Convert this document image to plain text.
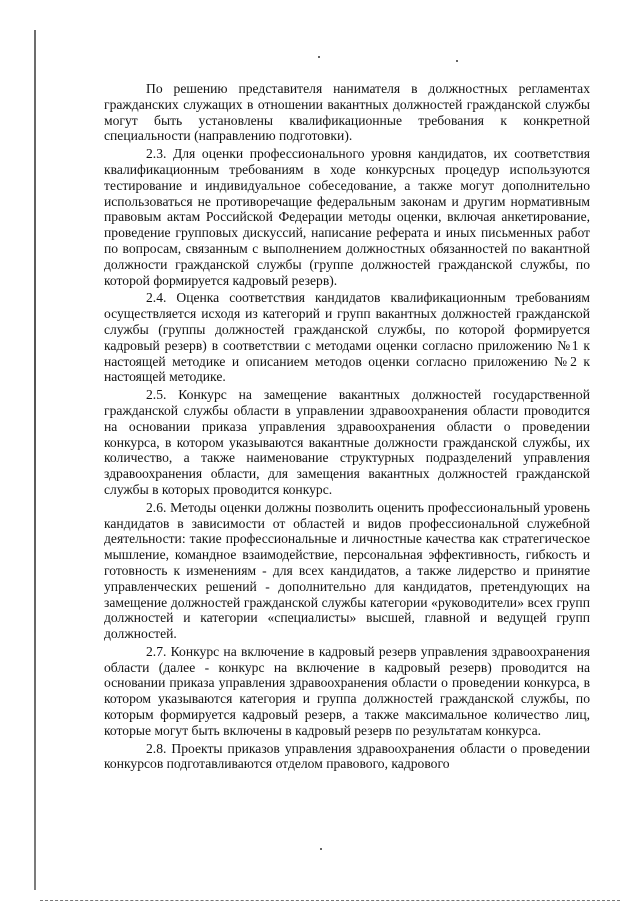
По решению представителя нанимателя в должностных регламентах гражданских служащих в отношении вакантных должностей гражданской службы могут быть установлены квалификационные требования к конкретной специальности (направлению подготовки).

2.3. Для оценки профессионального уровня кандидатов, их соответствия квалификационным требованиям в ходе конкурсных процедур используются тестирование и индивидуальное собеседование, а также могут дополнительно использоваться не противоречащие федеральным законам и другим нормативным правовым актам Российской Федерации методы оценки, включая анкетирование, проведение групповых дискуссий, написание реферата и иных письменных работ по вопросам, связанным с выполнением должностных обязанностей по вакантной должности гражданской службы (группе должностей гражданской службы, по которой формируется кадровый резерв).

2.4. Оценка соответствия кандидатов квалификационным требованиям осуществляется исходя из категорий и групп вакантных должностей гражданской службы (группы должностей гражданской службы, по которой формируется кадровый резерв) в соответствии с методами оценки согласно приложению №1 к настоящей методике и описанием методов оценки согласно приложению №2 к настоящей методике.

2.5. Конкурс на замещение вакантных должностей государственной гражданской службы области в управлении здравоохранения области проводится на основании приказа управления здравоохранения области о проведении конкурса, в котором указываются вакантные должности гражданской службы, их количество, а также наименование структурных подразделений управления здравоохранения области, для замещения вакантных должностей гражданской службы в которых проводится конкурс.

2.6. Методы оценки должны позволить оценить профессиональный уровень кандидатов в зависимости от областей и видов профессиональной служебной деятельности: такие профессиональные и личностные качества как стратегическое мышление, командное взаимодействие, персональная эффективность, гибкость и готовность к изменениям - для всех кандидатов, а также лидерство и принятие управленческих решений - дополнительно для кандидатов, претендующих на замещение должностей гражданской службы категории «руководители» всех групп должностей и категории «специалисты» высшей, главной и ведущей групп должностей.

2.7. Конкурс на включение в кадровый резерв управления здравоохранения области (далее - конкурс на включение в кадровый резерв) проводится на основании приказа управления здравоохранения области о проведении конкурса, в котором указываются категория и группа должностей гражданской службы, по которым формируется кадровый резерв, а также максимальное количество лиц, которые могут быть включены в кадровый резерв по результатам конкурса.

2.8. Проекты приказов управления здравоохранения области о проведении конкурсов подготавливаются отделом правового, кадрового
